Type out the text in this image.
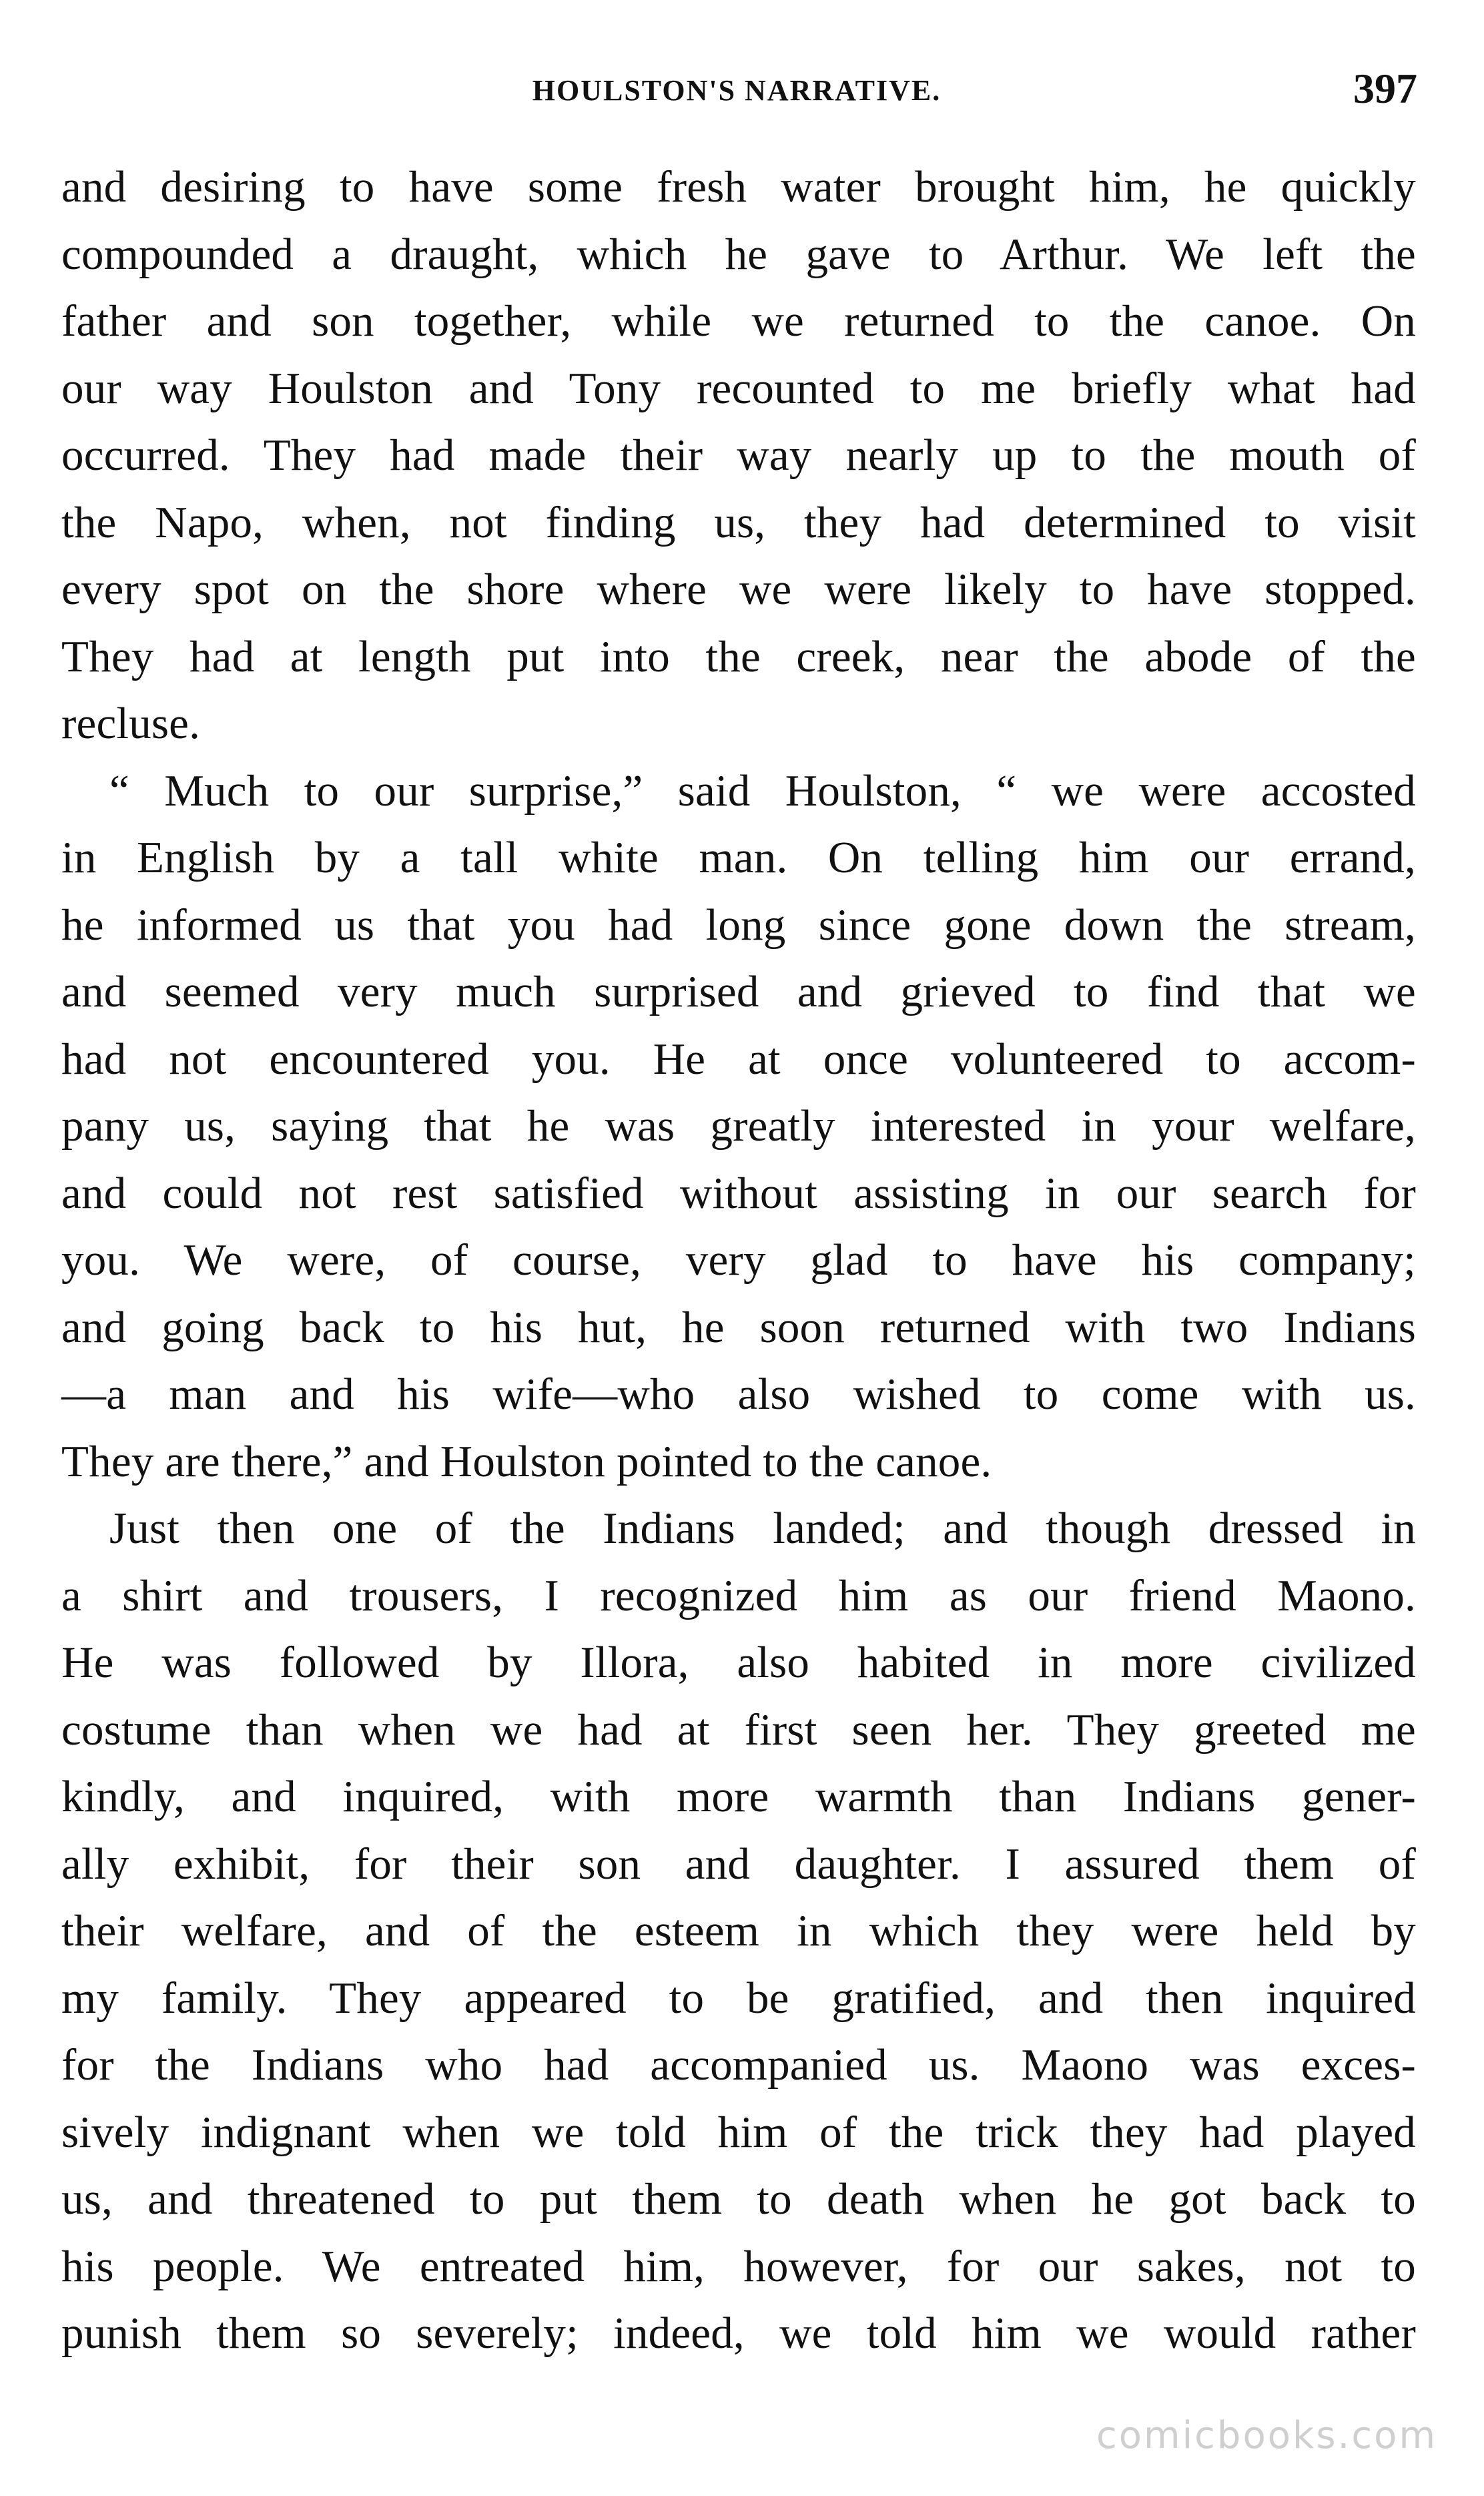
HOULSTON'S NARRATIVE.	397
and desiring to have some fresh water brought him, he quickly
compounded a draught, which he gave to Arthur. We left the
father and son together, while we returned to the canoe. On
our way Houlston and Tony recounted to me briefly what had
occurred. They had made their way nearly up to the mouth of
the Napo, when, not finding us, they had determined to visit
every spot on the shore where we were likely to have stopped.
They had at length put into the creek, near the abode of the
recluse.
“ Much to our surprise,” said Houlston, “ we were accosted
in English by a tall white man. On telling him our errand,
he informed us that you had long since gone down the stream,
and seemed very much surprised and grieved to find that we
had not encountered you. He at once volunteered to accom-
pany us, saying that he was greatly interested in your welfare,
and could not rest satisfied without assisting in our search for
you. We were, of course, very glad to have his company;
and going back to his hut, he soon returned with two Indians
—a man and his wife—who also wished to come with us.
They are there,” and Houlston pointed to the canoe.
Just then one of the Indians landed; and though dressed in
a shirt and trousers, I recognized him as our friend Maono.
He was followed by Illora, also habited in more civilized
costume than when we had at first seen her. They greeted me
kindly, and inquired, with more warmth than Indians gener-
ally exhibit, for their son and daughter. I assured them of
their welfare, and of the esteem in which they were held by
my family. They appeared to be gratified, and then inquired
for the Indians who had accompanied us. Maono was exces-
sively indignant when we told him of the trick they had played
us, and threatened to put them to death when he got back to
his people. We entreated him, however, for our sakes, not to
punish them so severely; indeed, we told him we would rather
comicbooks.com
